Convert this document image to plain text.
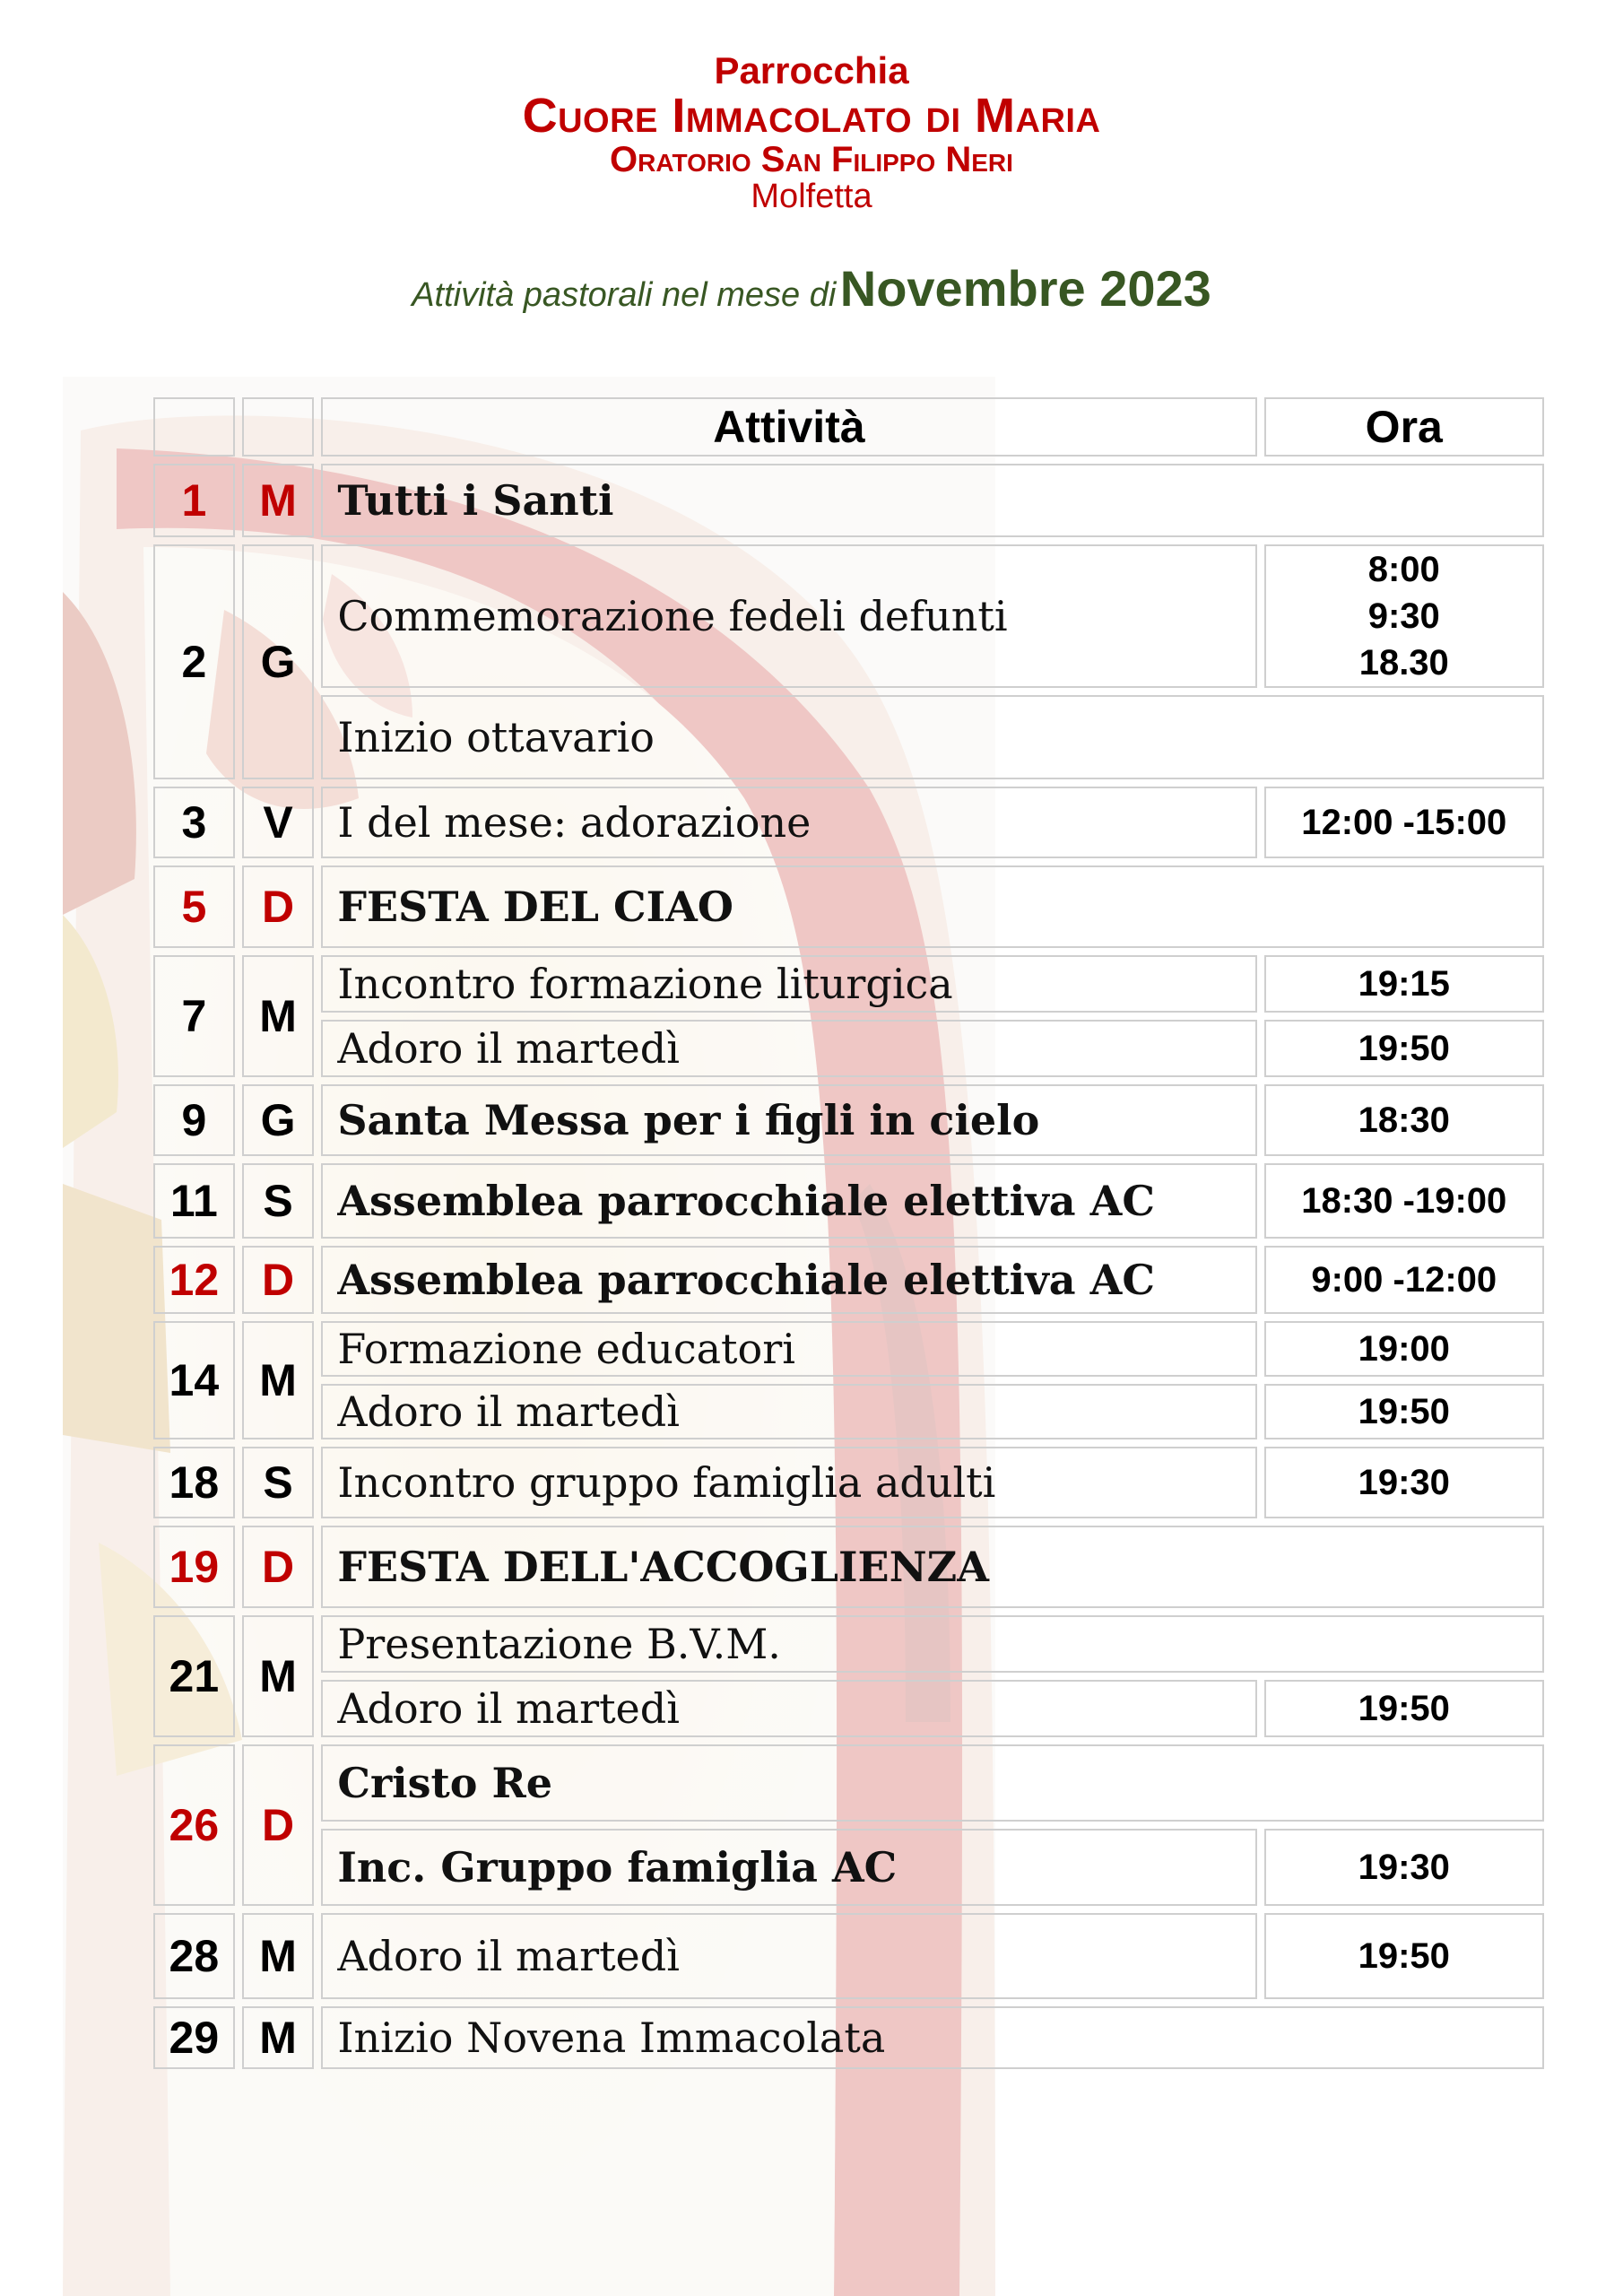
Parrocchia

Cuore Immacolato di Maria

Oratorio San Filippo Neri

Molfetta

Attività pastorali nel mese di Novembre 2023

		Attività	Ora
1	M	Tutti i Santi	
2	G	Commemorazione fedeli defunti	8:00
9:30
18.30

		Inizio ottavario	
3	V	I del mese: adorazione	12:00 -15:00
5	D	FESTA DEL CIAO	
7	M	Incontro formazione liturgica	19:15
		Adoro il martedì	19:50
9	G	Santa Messa per i figli in cielo	18:30
11	S	Assemblea parrocchiale elettiva AC	18:30 -19:00
12	D	Assemblea parrocchiale elettiva AC	9:00 -12:00
14	M	Formazione educatori	19:00
		Adoro il martedì	19:50
18	S	Incontro gruppo famiglia adulti	19:30
19	D	FESTA DELL'ACCOGLIENZA	
21	M	Presentazione B.V.M.	
		Adoro il martedì	19:50
26	D	Cristo Re	
		Inc. Gruppo famiglia AC	19:30
28	M	Adoro il martedì	19:50
29	M	Inizio Novena Immacolata	
